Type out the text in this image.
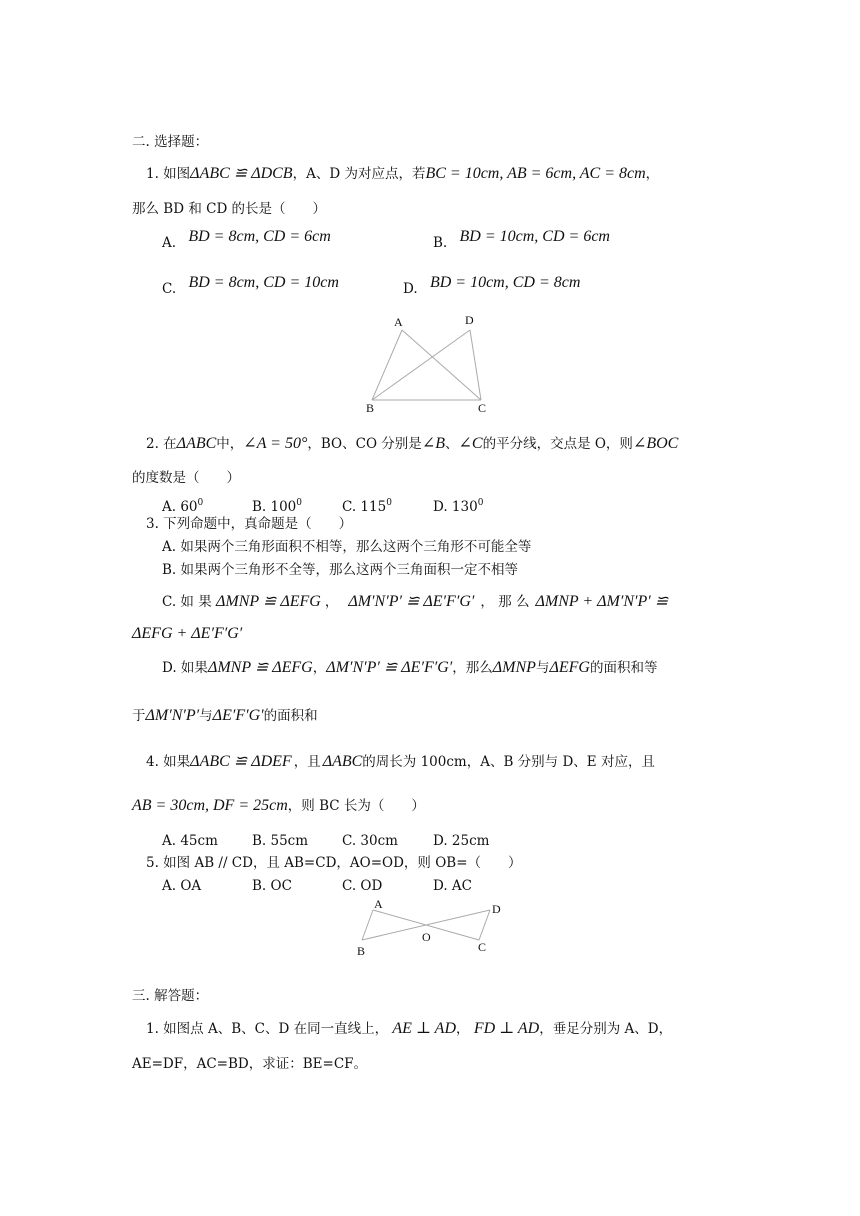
二. 选择题：
1. 如图ΔABC ≌ ΔDCB，A、D 为对应点，若BC = 10cm, AB = 6cm, AC = 8cm，
那么 BD 和 CD 的长是（　　）
A. BD = 8cm, CD = 6cm	B. BD = 10cm, CD = 6cm
C. BD = 8cm, CD = 10cm	D. BD = 10cm, CD = 8cm
A	D
B	C
2. 在ΔABC中，∠A = 50°，BO、CO 分别是∠B、∠C的平分线，交点是 O，则∠BOC
的度数是（　　）
A. $60^0$	B. $100^0$	C. $115^0$	D. $130^0$
3. 下列命题中，真命题是（　　）
A. 如果两个三角形面积不相等，那么这两个三角形不可能全等
B. 如果两个三角形不全等，那么这两个三角面积一定不相等
C. 如 果 ΔMNP ≌ ΔEFG ， ΔM′N′P′ ≌ ΔE′F′G′ ， 那 么 ΔMNP + ΔM′N′P′ ≌
ΔEFG + ΔE′F′G′
D. 如果ΔMNP ≌ ΔEFG，ΔM′N′P′ ≌ ΔE′F′G′，那么ΔMNP与ΔEFG的面积和等
于ΔM′N′P′与ΔE′F′G′的面积和
4. 如果ΔABC ≌ ΔDEF ，且 ΔABC的周长为 100cm，A、B 分别与 D、E 对应，且
AB = 30cm, DF = 25cm，则 BC 长为（　　）
A. 45cm	B. 55cm	C. 30cm	D. 25cm
5. 如图 AB // CD，且 AB=CD，AO=OD，则 OB=（　　）
A. OA	B. OC	C. OD	D. AC
A	D
B	C
O
三. 解答题：
1. 如图点 A、B、C、D 在同一直线上， AE ⊥ AD， FD ⊥ AD，垂足分别为 A、D，
AE=DF，AC=BD，求证：BE=CF。
